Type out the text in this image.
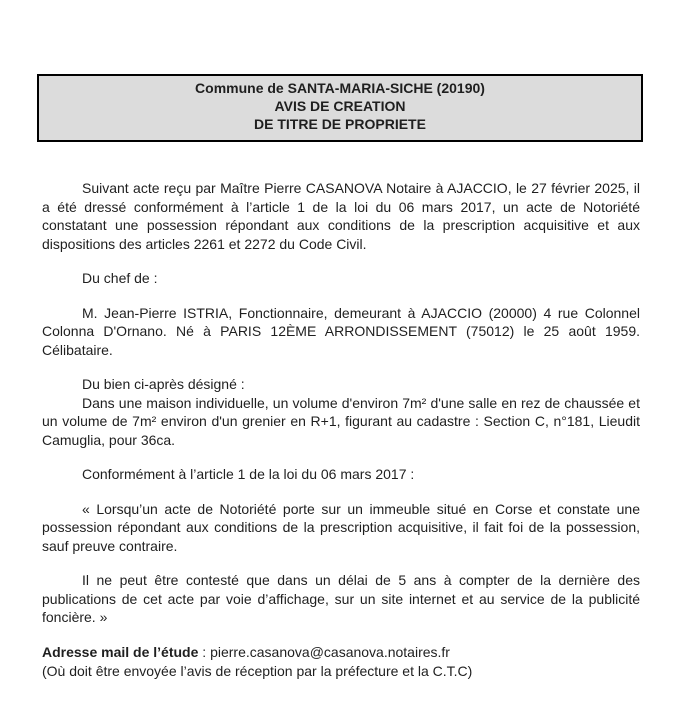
Commune de SANTA-MARIA-SICHE (20190)
AVIS DE CREATION
DE TITRE DE PROPRIETE

Suivant acte reçu par Maître Pierre CASANOVA Notaire à AJACCIO, le 27 février 2025, il a été dressé conformément à l’article 1 de la loi du 06 mars 2017, un acte de Notoriété constatant une possession répondant aux conditions de la prescription acquisitive et aux dispositions des articles 2261 et 2272 du Code Civil.

Du chef de :

M. Jean-Pierre ISTRIA, Fonctionnaire, demeurant à AJACCIO (20000) 4 rue Colonnel Colonna D'Ornano. Né à PARIS 12ÈME ARRONDISSEMENT (75012) le 25 août 1959. Célibataire.

Du bien ci-après désigné :

Dans une maison individuelle, un volume d'environ 7m² d'une salle en rez de chaussée et un volume de 7m² environ d'un grenier en R+1, figurant au cadastre : Section C, n°181, Lieudit Camuglia, pour 36ca.

Conformément à l’article 1 de la loi du 06 mars 2017 :

« Lorsqu’un acte de Notoriété porte sur un immeuble situé en Corse et constate une possession répondant aux conditions de la prescription acquisitive, il fait foi de la possession, sauf preuve contraire.

Il ne peut être contesté que dans un délai de 5 ans à compter de la dernière des publications de cet acte par voie d’affichage, sur un site internet et au service de la publicité foncière. »

Adresse mail de l’étude : pierre.casanova@casanova.notaires.fr

(Où doit être envoyée l’avis de réception par la préfecture et la C.T.C)
